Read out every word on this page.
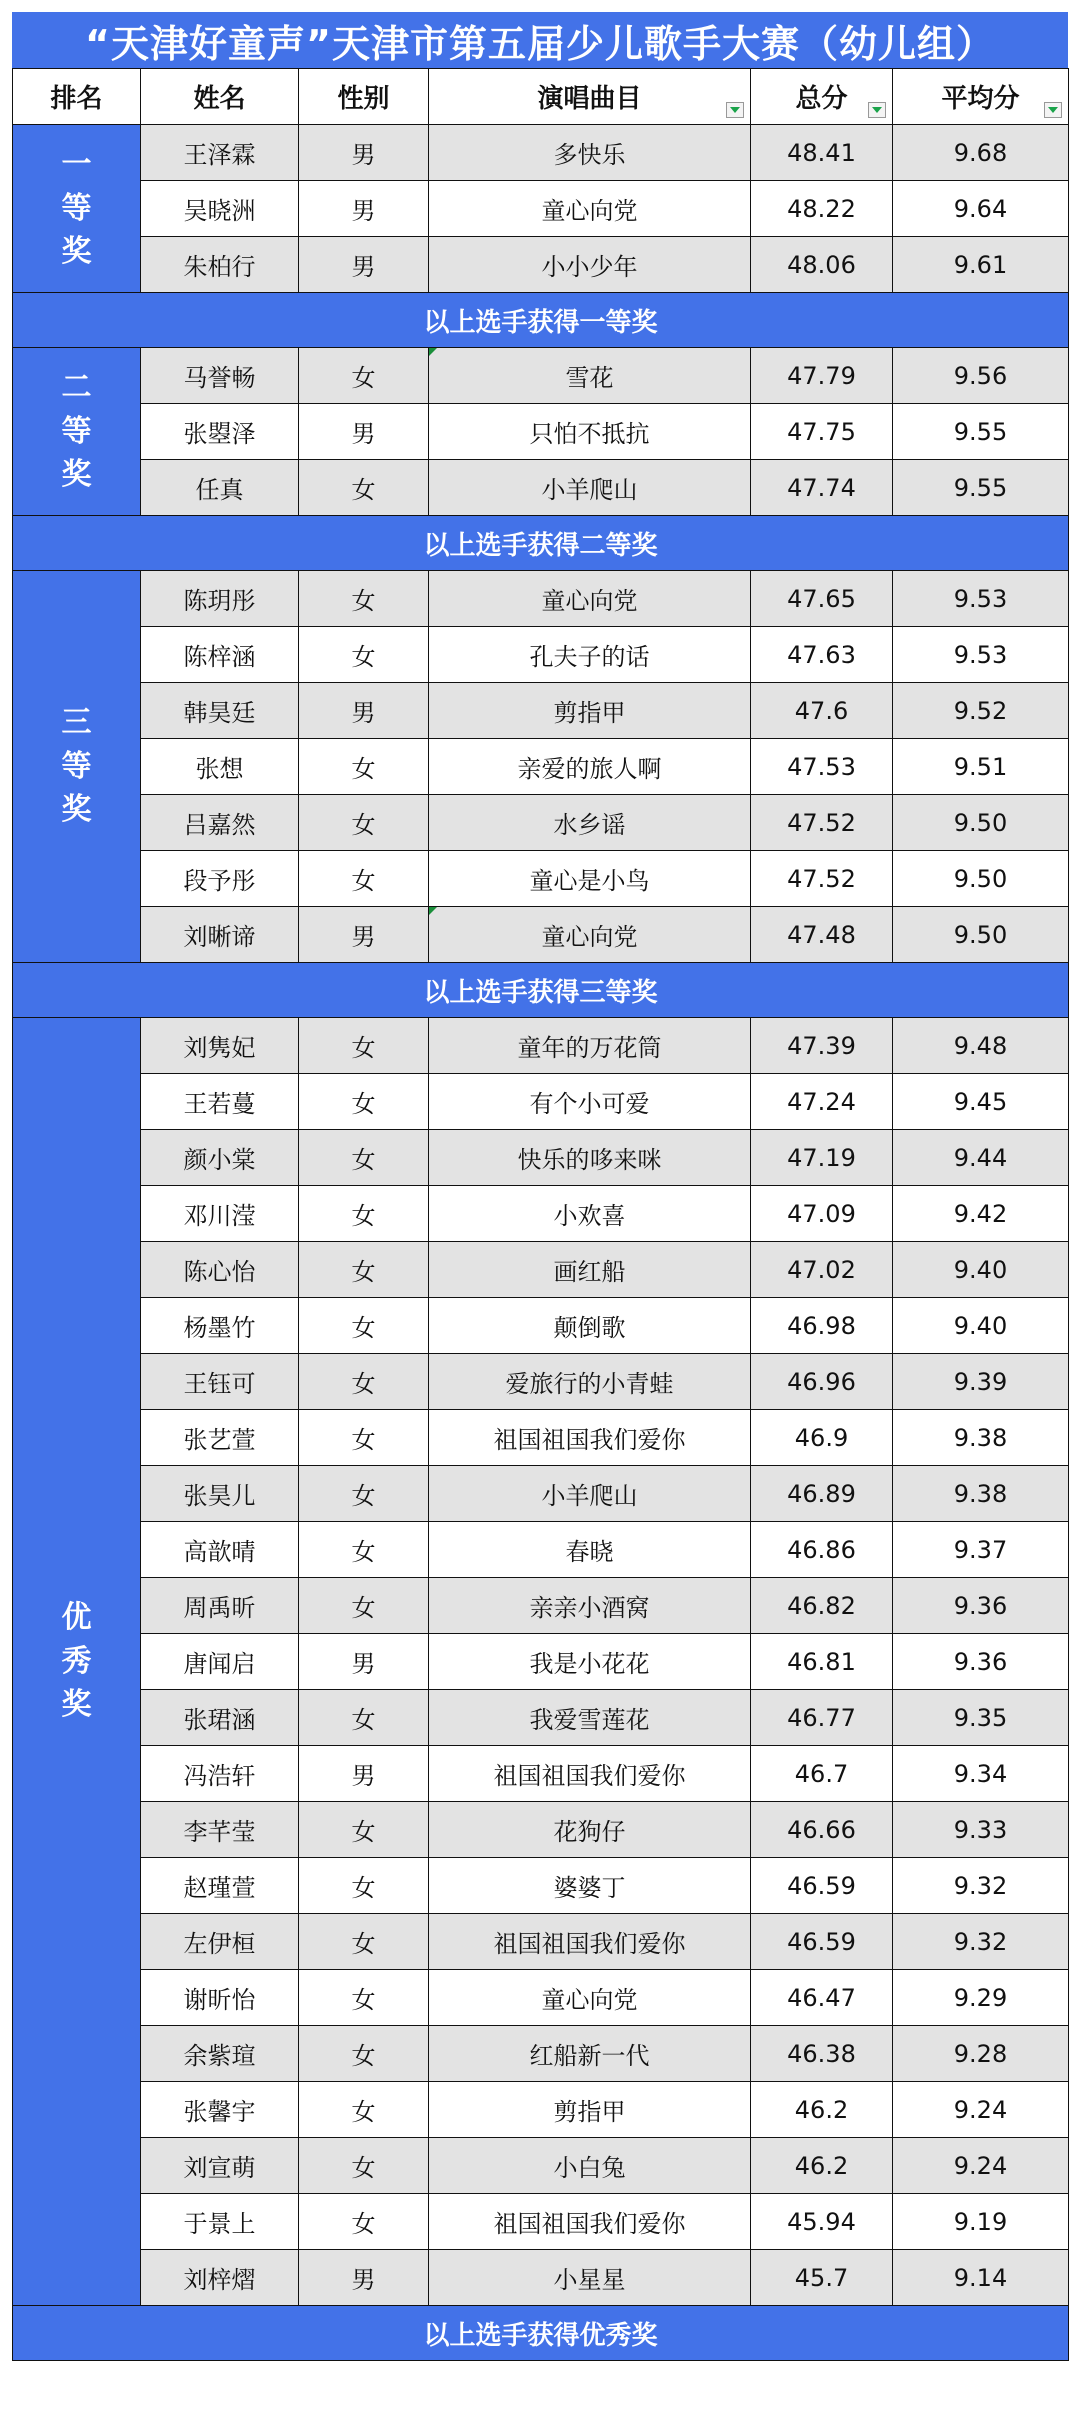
“天津好童声”天津市第五届少儿歌手大赛（幼儿组）
排名	姓名	性别	演唱曲目	总分	平均分

一等奖	王泽霖	男	多快乐	48.41	9.68
	吴晓洲	男	童心向党	48.22	9.64
	朱柏行	男	小小少年	48.06	9.61
以上选手获得一等奖					
二等奖	马誉畅	女	雪花	47.79	9.56
	张曌泽	男	只怕不抵抗	47.75	9.55
	任真	女	小羊爬山	47.74	9.55
以上选手获得二等奖					
三等奖	陈玥彤	女	童心向党	47.65	9.53
	陈梓涵	女	孔夫子的话	47.63	9.53
	韩昊廷	男	剪指甲	47.6	9.52
	张想	女	亲爱的旅人啊	47.53	9.51
	吕嘉然	女	水乡谣	47.52	9.50
	段予彤	女	童心是小鸟	47.52	9.50
	刘晰谛	男	童心向党	47.48	9.50
以上选手获得三等奖					
优秀奖	刘隽妃	女	童年的万花筒	47.39	9.48
	王若蔓	女	有个小可爱	47.24	9.45
	颜小棠	女	快乐的哆来咪	47.19	9.44
	邓川滢	女	小欢喜	47.09	9.42
	陈心怡	女	画红船	47.02	9.40
	杨墨竹	女	颠倒歌	46.98	9.40
	王钰可	女	爱旅行的小青蛙	46.96	9.39
	张艺萱	女	祖国祖国我们爱你	46.9	9.38
	张昊儿	女	小羊爬山	46.89	9.38
	高歆晴	女	春晓	46.86	9.37
	周禹昕	女	亲亲小酒窝	46.82	9.36
	唐闻启	男	我是小花花	46.81	9.36
	张珺涵	女	我爱雪莲花	46.77	9.35
	冯浩轩	男	祖国祖国我们爱你	46.7	9.34
	李芊莹	女	花狗仔	46.66	9.33
	赵瑾萱	女	婆婆丁	46.59	9.32
	左伊桓	女	祖国祖国我们爱你	46.59	9.32
	谢昕怡	女	童心向党	46.47	9.29
	余紫瑄	女	红船新一代	46.38	9.28
	张馨宇	女	剪指甲	46.2	9.24
	刘宣萌	女	小白兔	46.2	9.24
	于景上	女	祖国祖国我们爱你	45.94	9.19
	刘梓熠	男	小星星	45.7	9.14
以上选手获得优秀奖					
